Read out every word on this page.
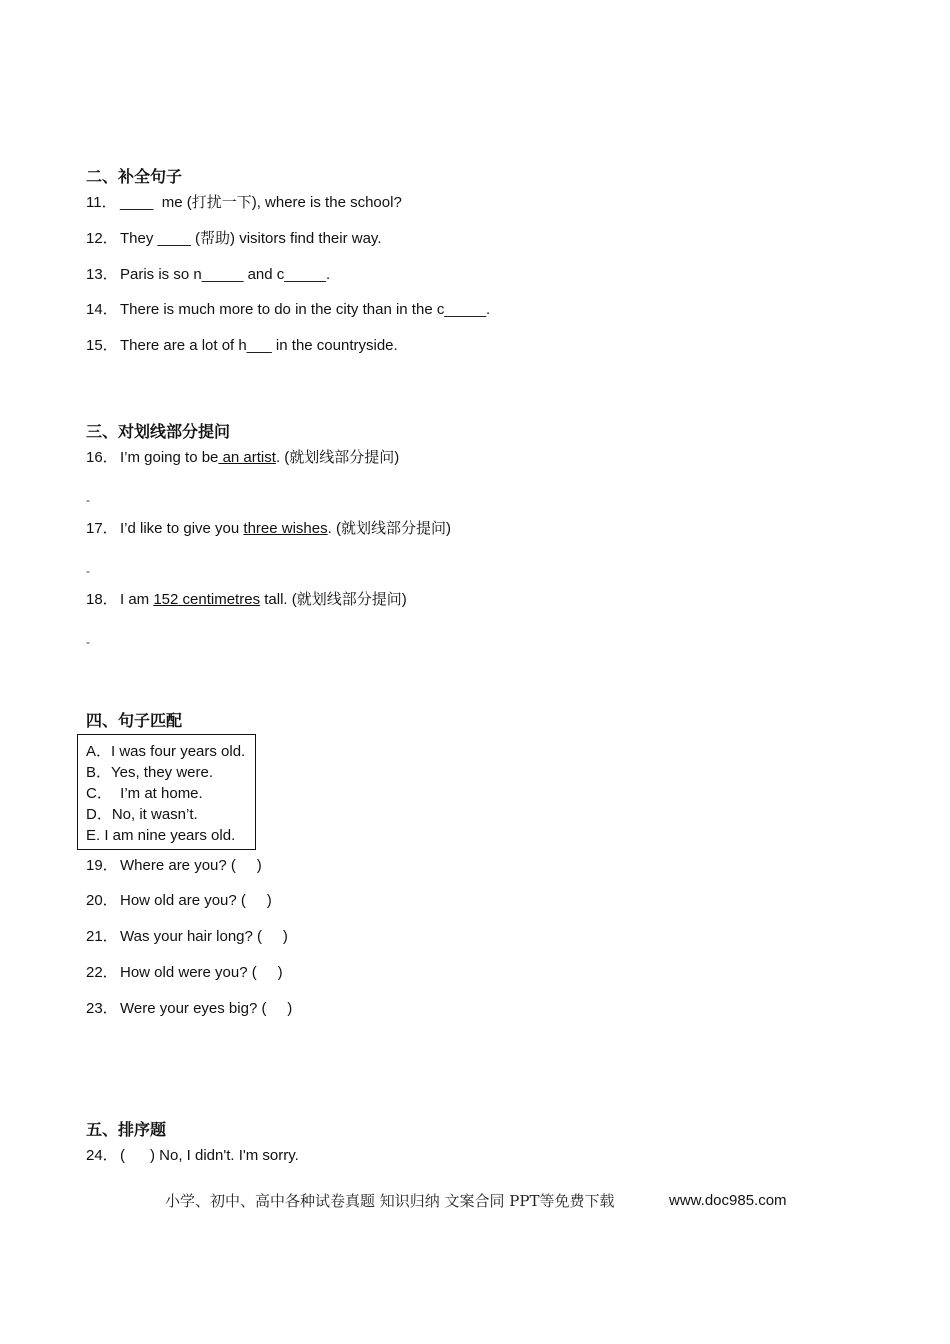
二、补全句子
11． ____  me (打扰一下), where is the school?
12． They ____ (帮助) visitors find their way.
13． Paris is so n_____ and c_____.
14． There is much more to do in the city than in the c_____.
15． There are a lot of h___ in the countryside.
三、对划线部分提问
16． I’m going to be an artist. (就划线部分提问)
-
17． I’d like to give you three wishes. (就划线部分提问)
-
18． I am 152 centimetres tall. (就划线部分提问)
-
四、句子匹配
A．I was four years old.
B．Yes, they were.
C．  I’m at home.
D．No, it wasn’t.
E. I am nine years old.
19． Where are you? (     )
20． How old are you? (     )
21． Was your hair long? (     )
22． How old were you? (     )
23． Were your eyes big? (     )
五、排序题
24． (      ) No, I didn't. I'm sorry.
小学、初中、高中各种试卷真题 知识归纳 文案合同 PPT等免费下载	www.doc985.com
